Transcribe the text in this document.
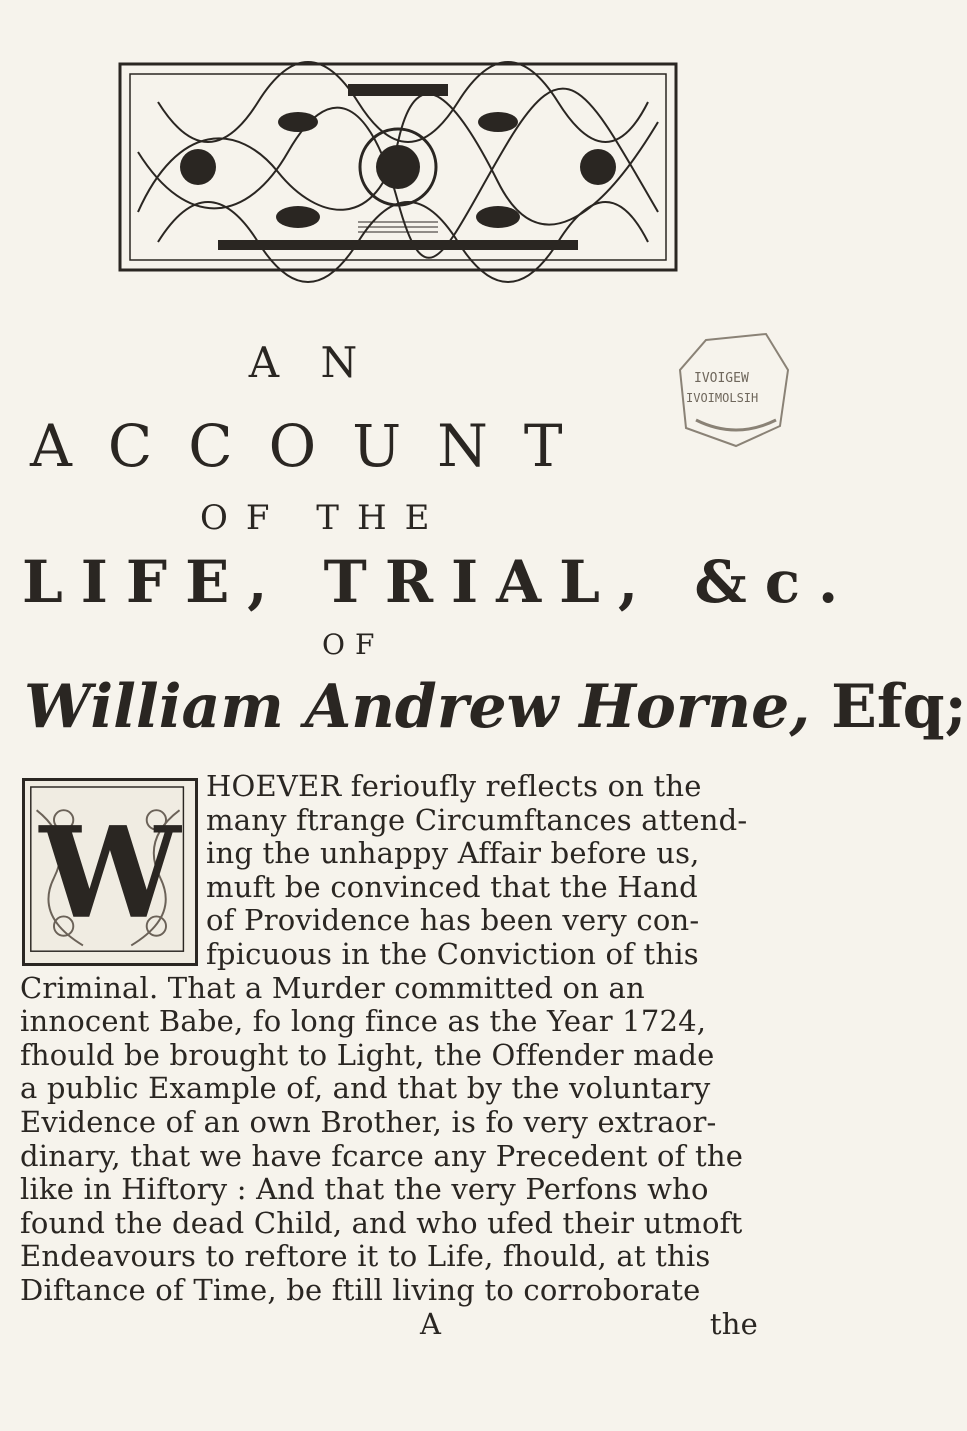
IVOIGEW
IVOIMOLSIH
A N
ACCOUNT
OF THE
LIFE, TRIAL, &c.
OF
William Andrew Horne, Efq;
W
HOEVER ferioufly reflects on the
many ftrange Circumftances attend-
ing the unhappy Affair before us,
muft be convinced that the Hand
of Providence has been very con-
fpicuous in the Conviction of this
Criminal. That a Murder committed on an
innocent Babe, fo long fince as the Year 1724,
fhould be brought to Light, the Offender made
a public Example of, and that by the voluntary
Evidence of an own Brother, is fo very extraor-
dinary, that we have fcarce any Precedent of the
like in Hiftory : And that the very Perfons who
found the dead Child, and who ufed their utmoft
Endeavours to reftore it to Life, fhould, at this
Diftance of Time, be ftill living to corroborate
A	the
